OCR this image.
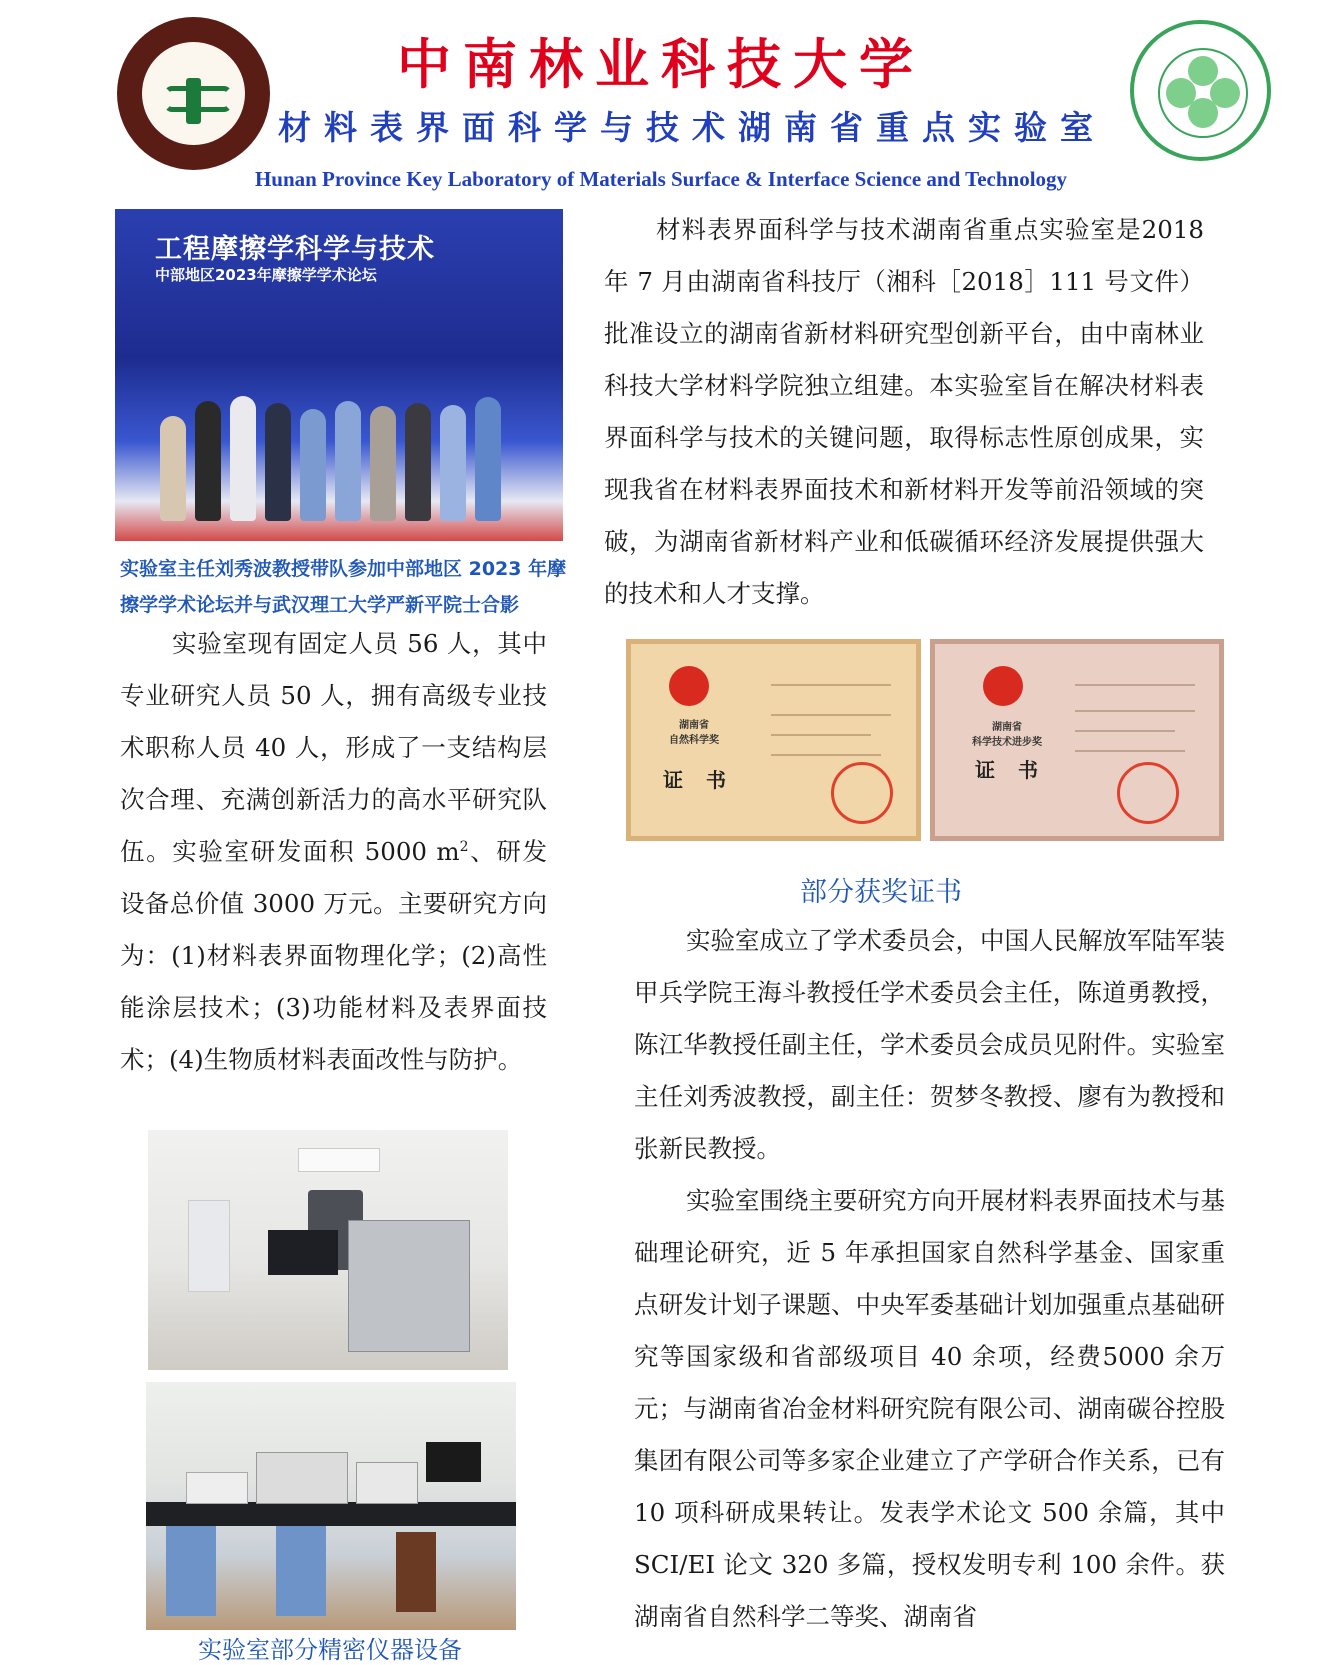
中南林业科技大学
材料表界面科学与技术湖南省重点实验室
Hunan Province Key Laboratory of Materials Surface & Interface Science and Technology
工程摩擦学科学与技术
中部地区2023年摩擦学学术论坛
实验室主任刘秀波教授带队参加中部地区 2023 年摩擦学学术论坛并与武汉理工大学严新平院士合影
材料表界面科学与技术湖南省重点实验室是2018 年 7 月由湖南省科技厅（湘科［2018］111 号文件）批准设立的湖南省新材料研究型创新平台，由中南林业科技大学材料学院独立组建。本实验室旨在解决材料表界面科学与技术的关键问题，取得标志性原创成果，实现我省在材料表界面技术和新材料开发等前沿领域的突破，为湖南省新材料产业和低碳循环经济发展提供强大的技术和人才支撑。
湖南省
自然科学奖
证 书
湖南省
科学技术进步奖
证 书
部分获奖证书
实验室现有固定人员 56 人，其中专业研究人员 50 人，拥有高级专业技术职称人员 40 人，形成了一支结构层次合理、充满创新活力的高水平研究队伍。实验室研发面积 5000 $m^2$、研发设备总价值 3000 万元。主要研究方向为：(1)材料表界面物理化学；(2)高性能涂层技术；(3)功能材料及表界面技术；(4)生物质材料表面改性与防护。
实验室成立了学术委员会，中国人民解放军陆军装甲兵学院王海斗教授任学术委员会主任，陈道勇教授，陈江华教授任副主任，学术委员会成员见附件。实验室主任刘秀波教授，副主任：贺梦冬教授、廖有为教授和张新民教授。
实验室围绕主要研究方向开展材料表界面技术与基础理论研究，近 5 年承担国家自然科学基金、国家重点研发计划子课题、中央军委基础计划加强重点基础研究等国家级和省部级项目 40 余项，经费5000 余万元；与湖南省冶金材料研究院有限公司、湖南碳谷控股集团有限公司等多家企业建立了产学研合作关系，已有 10 项科研成果转让。发表学术论文 500 余篇，其中 SCI/EI 论文 320 多篇，授权发明专利 100 余件。获湖南省自然科学二等奖、湖南省
实验室部分精密仪器设备
